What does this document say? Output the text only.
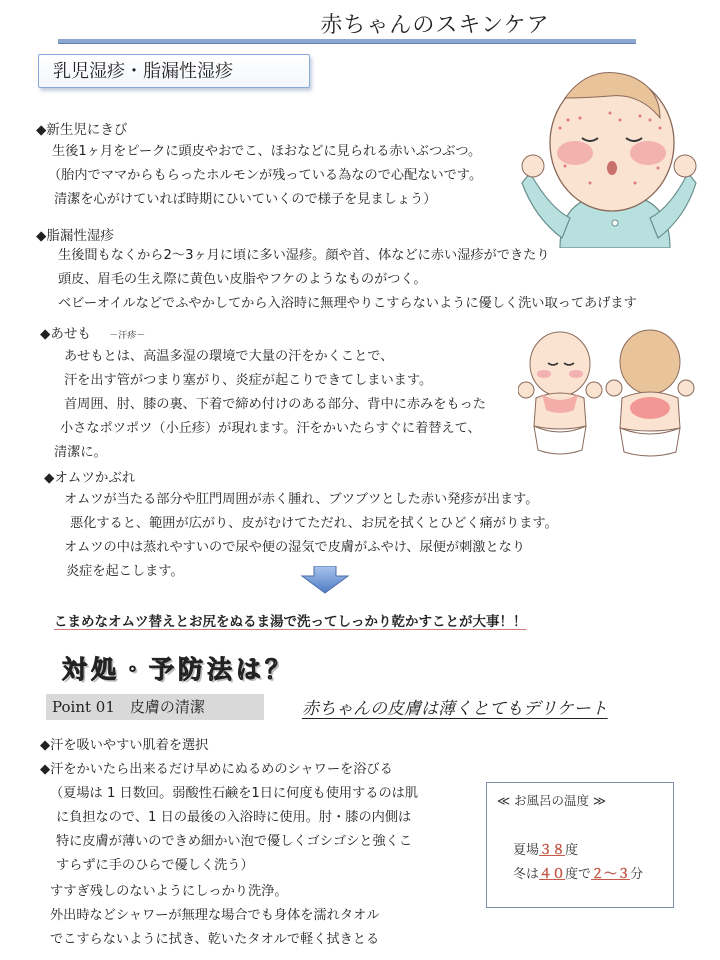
赤ちゃんのスキンケア
乳児湿疹・脂漏性湿疹
◆新生児にきび
生後1ヶ月をピークに頭皮やおでこ、ほおなどに見られる赤いぶつぶつ。
（胎内でママからもらったホルモンが残っている為なので心配ないです。
清潔を心がけていれば時期にひいていくので様子を見ましょう）
◆脂漏性湿疹
生後間もなくから2～3ヶ月に頃に多い湿疹。顔や首、体などに赤い湿疹ができたり
頭皮、眉毛の生え際に黄色い皮脂やフケのようなものがつく。
ベビーオイルなどでふやかしてから入浴時に無理やりこすらないように優しく洗い取ってあげます
◆あせも －汗疹－
あせもとは、高温多湿の環境で大量の汗をかくことで、
汗を出す管がつまり塞がり、炎症が起こりできてしまいます。
首周囲、肘、膝の裏、下着で締め付けのある部分、背中に赤みをもった
小さなポツポツ（小丘疹）が現れます。汗をかいたらすぐに着替えて、
清潔に。
◆オムツかぶれ
オムツが当たる部分や肛門周囲が赤く腫れ、ブツブツとした赤い発疹が出ます。
悪化すると、範囲が広がり、皮がむけてただれ、お尻を拭くとひどく痛がります。
オムツの中は蒸れやすいので尿や便の湿気で皮膚がふやけ、尿便が刺激となり
炎症を起こします。
こまめなオムツ替えとお尻をぬるま湯で洗ってしっかり乾かすことが大事！！
対処・予防法は？
Point 01　皮膚の清潔	赤ちゃんの皮膚は薄くとてもデリケート
◆汗を吸いやすい肌着を選択
◆汗をかいたら出来るだけ早めにぬるめのシャワーを浴びる
（夏場は 1 日数回。弱酸性石鹸を1日に何度も使用するのは肌
に負担なので、1 日の最後の入浴時に使用。肘・膝の内側は
特に皮膚が薄いのできめ細かい泡で優しくゴシゴシと強くこ
すらずに手のひらで優しく洗う）
すすぎ残しのないようにしっかり洗浄。
外出時などシャワーが無理な場合でも身体を濡れタオル
でこすらないように拭き、乾いたタオルで軽く拭きとる
≪ お風呂の温度 ≫
夏場３８度
冬は４０度で２～３分
